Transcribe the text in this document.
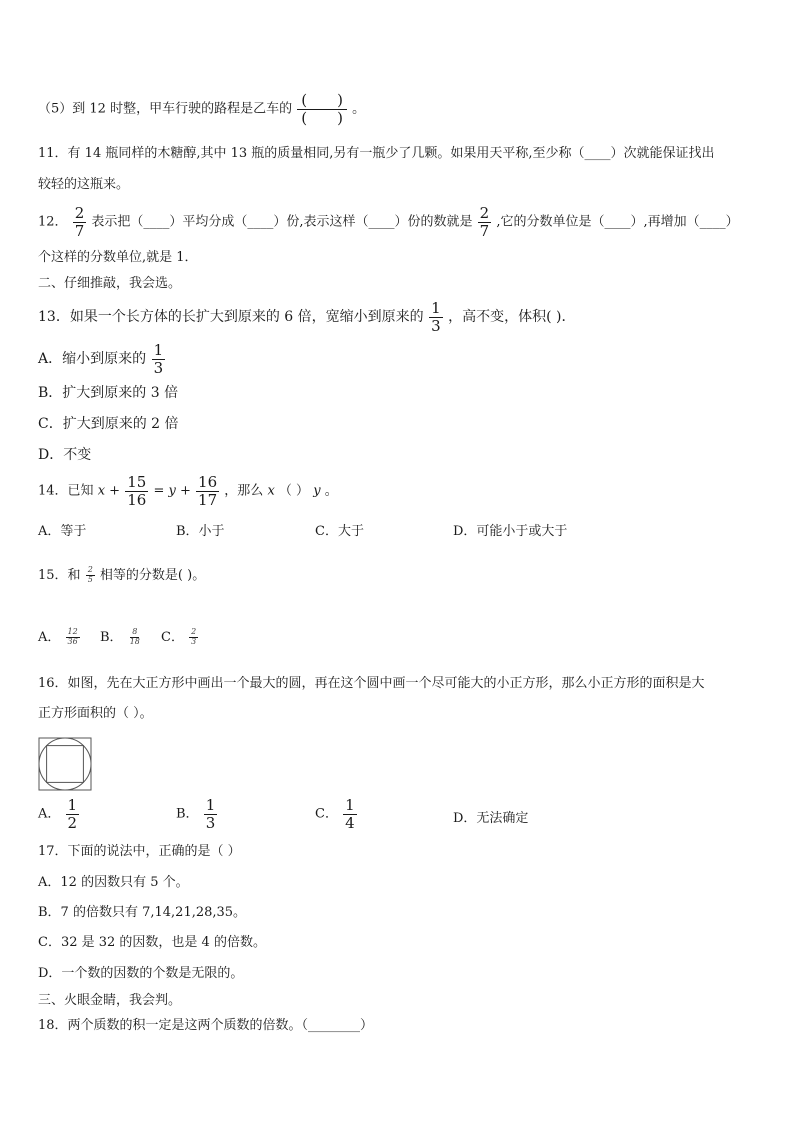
（5）到 12 时整，甲车行驶的路程是乙车的 $\frac{( )}{( )}$ 。
11．有 14 瓶同样的木糖醇,其中 13 瓶的质量相同,另有一瓶少了几颗。如果用天平称,至少称（____）次就能保证找出
较轻的这瓶来。
12． $\frac{2}{7}$ 表示把（____）平均分成（____）份,表示这样（____）份的数就是 $\frac{2}{7}$ ,它的分数单位是（____）,再增加（____）
个这样的分数单位,就是 1．
二、仔细推敲，我会选。
13．如果一个长方体的长扩大到原来的 6 倍，宽缩小到原来的 $\frac{1}{3}$ ，高不变，体积( )．
A．缩小到原来的 $\frac{1}{3}$
B．扩大到原来的 3 倍
C．扩大到原来的 2 倍
D．不变
14．已知 $x + \frac{15}{16} = y + \frac{16}{17}$ ，那么 x （ ） y 。
A．等于	B．小于	C．大于	D．可能小于或大于
15．和 $\frac{2}{5}$ 相等的分数是( )。
A． $\frac{12}{36}$ B． $\frac{8}{18}$ C． $\frac{2}{3}$
16．如图，先在大正方形中画出一个最大的圆，再在这个圆中画一个尽可能大的小正方形，那么小正方形的面积是大
正方形面积的（ ）。
A． $\frac{1}{2}$	B． $\frac{1}{3}$	C． $\frac{1}{4}$	D．无法确定
17．下面的说法中，正确的是（ ）
A．12 的因数只有 5 个。
B．7 的倍数只有 7,14,21,28,35。
C．32 是 32 的因数，也是 4 的倍数。
D．一个数的因数的个数是无限的。
三、火眼金睛，我会判。
18．两个质数的积一定是这两个质数的倍数。（________）
